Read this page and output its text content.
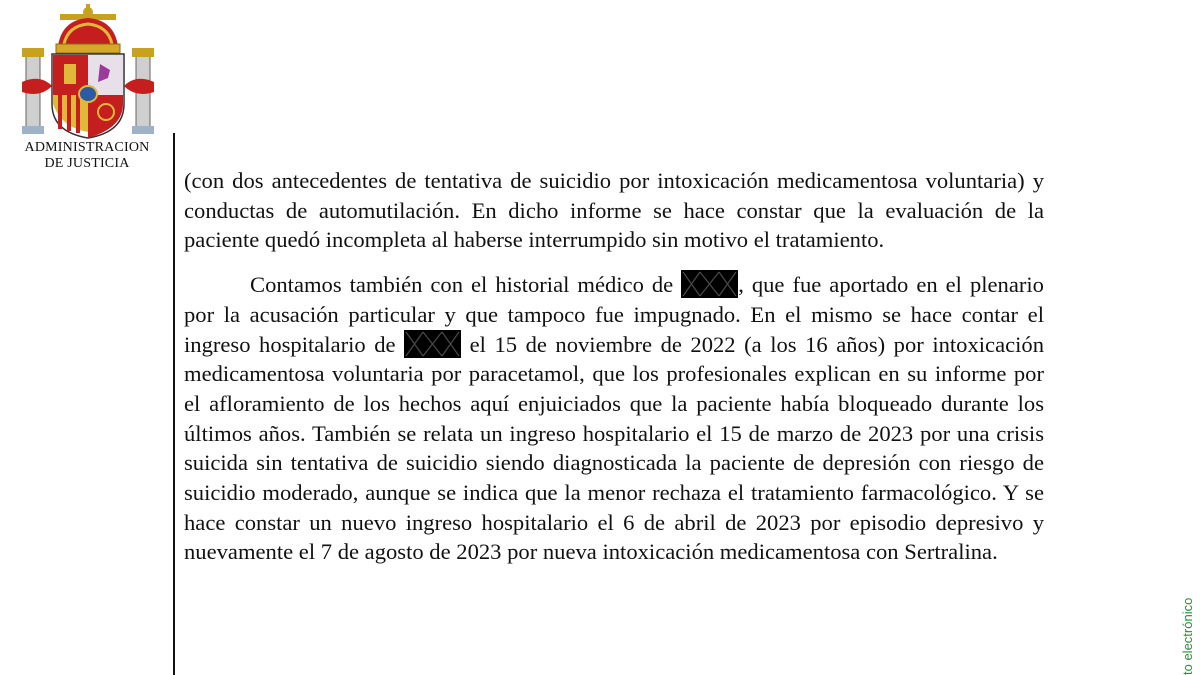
ADMINISTRACION
DE JUSTICIA

(con dos antecedentes de tentativa de suicidio por intoxicación medicamentosa voluntaria) y conductas de automutilación. En dicho informe se hace constar que la evaluación de la paciente quedó incompleta al haberse interrumpido sin motivo el tratamiento.

Contamos también con el historial médico de	, que fue aportado en el plenario por la acusación particular y que tampoco fue impugnado. En el mismo se hace contar el ingreso hospitalario de	el 15 de noviembre de 2022 (a los 16 años) por intoxicación medicamentosa voluntaria por paracetamol, que los profesionales explican en su informe por el afloramiento de los hechos aquí enjuiciados que la paciente había bloqueado durante los últimos años. También se relata un ingreso hospitalario el 15 de marzo de 2023 por una crisis suicida sin tentativa de suicidio siendo diagnosticada la paciente de depresión con riesgo de suicidio moderado, aunque se indica que la menor rechaza el tratamiento farmacológico. Y se hace constar un nuevo ingreso hospitalario el 6 de abril de 2023 por episodio depresivo y nuevamente el 7 de agosto de 2023 por nueva intoxicación medicamentosa con Sertralina.

to electrónico
